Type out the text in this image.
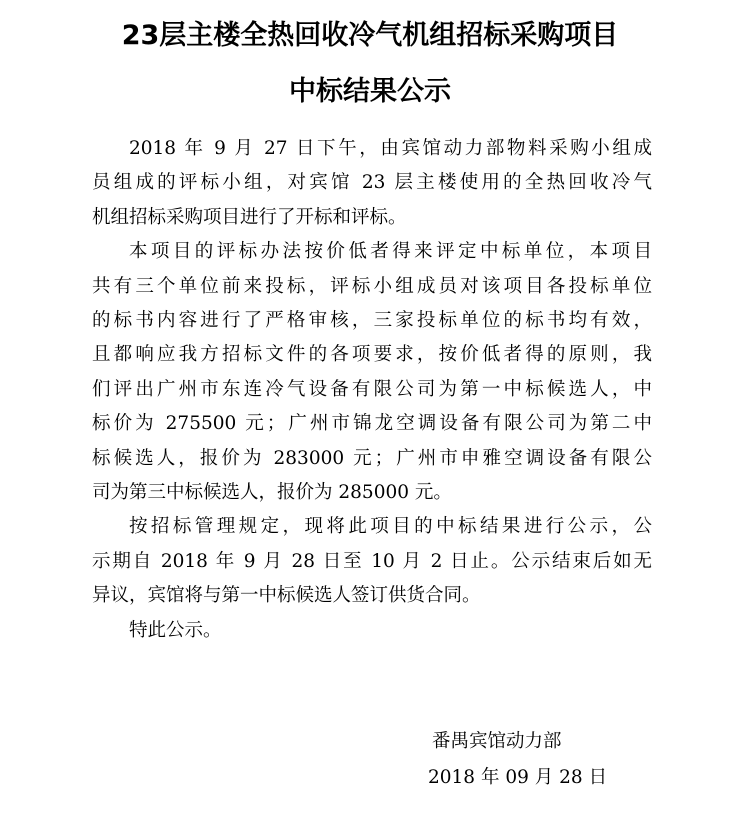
23层主楼全热回收冷气机组招标采购项目
中标结果公示
2018 年 9 月 27 日下午，由宾馆动力部物料采购小组成
员组成的评标小组，对宾馆 23 层主楼使用的全热回收冷气
机组招标采购项目进行了开标和评标。
本项目的评标办法按价低者得来评定中标单位，本项目
共有三个单位前来投标，评标小组成员对该项目各投标单位
的标书内容进行了严格审核，三家投标单位的标书均有效，
且都响应我方招标文件的各项要求，按价低者得的原则，我
们评出广州市东连冷气设备有限公司为第一中标候选人，中
标价为 275500 元；广州市锦龙空调设备有限公司为第二中
标候选人，报价为 283000 元；广州市申雅空调设备有限公
司为第三中标候选人，报价为 285000 元。
按招标管理规定，现将此项目的中标结果进行公示，公
示期自 2018 年 9 月 28 日至 10 月 2 日止。公示结束后如无
异议，宾馆将与第一中标候选人签订供货合同。
特此公示。
番禺宾馆动力部
2018 年 09 月 28 日
